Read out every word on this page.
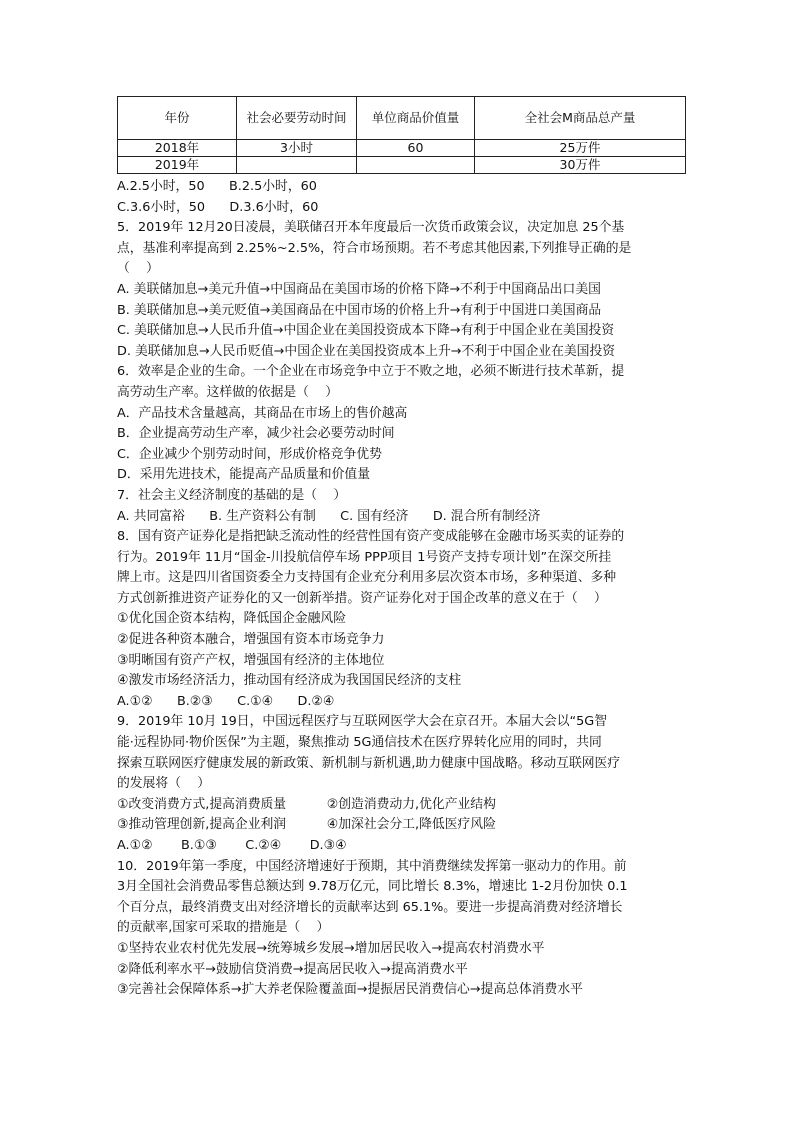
年份	社会必要劳动时间	单位商品价值量	全社会M商品总产量
2018年	3小时	60	25万件
2019年			30万件
A.2.5小时，50      B.2.5小时，60
C.3.6小时，50      D.3.6小时，60
5．2019年 12月20日凌晨，美联储召开本年度最后一次货币政策会议，决定加息 25个基
点，基准利率提高到 2.25%~2.5%，符合市场预期。若不考虑其他因素,下列推导正确的是
（    ）
A. 美联储加息→美元升值→中国商品在美国市场的价格下降→不利于中国商品出口美国
B. 美联储加息→美元贬值→美国商品在中国市场的价格上升→有利于中国进口美国商品
C. 美联储加息→人民币升值→中国企业在美国投资成本下降→有利于中国企业在美国投资
D. 美联储加息→人民币贬值→中国企业在美国投资成本上升→不利于中国企业在美国投资
6．效率是企业的生命。一个企业在市场竞争中立于不败之地，必须不断进行技术革新，提
高劳动生产率。这样做的依据是（    ）
A．产品技术含量越高，其商品在市场上的售价越高
B．企业提高劳动生产率，减少社会必要劳动时间
C．企业减少个别劳动时间，形成价格竞争优势
D．采用先进技术，能提高产品质量和价值量
7．社会主义经济制度的基础的是（    ）
A. 共同富裕      B. 生产资料公有制      C. 国有经济      D. 混合所有制经济
8．国有资产证券化是指把缺乏流动性的经营性国有资产变成能够在金融市场买卖的证券的
行为。2019年 11月“国金-川投航信停车场 PPP项目 1号资产支持专项计划”在深交所挂
牌上市。这是四川省国资委全力支持国有企业充分利用多层次资本市场，多种渠道、多种
方式创新推进资产证券化的又一创新举措。资产证券化对于国企改革的意义在于（    ）
①优化国企资本结构，降低国企金融风险
②促进各种资本融合，增强国有资本市场竞争力
③明晰国有资产产权，增强国有经济的主体地位
④激发市场经济活力，推动国有经济成为我国国民经济的支柱
A.①②      B.②③      C.①④      D.②④
9．2019年 10月 19日，中国远程医疗与互联网医学大会在京召开。本届大会以“5G智
能·远程协同·物价医保”为主题，聚焦推动 5G通信技术在医疗界转化应用的同时，共同
探索互联网医疗健康发展的新政策、新机制与新机遇,助力健康中国战略。移动互联网医疗
的发展将（    ）
①改变消费方式,提高消费质量          ②创造消费动力,优化产业结构
③推动管理创新,提高企业利润          ④加深社会分工,降低医疗风险
A.①②       B.①③       C.②④       D.③④
10．2019年第一季度，中国经济增速好于预期，其中消费继续发挥第一驱动力的作用。前
3月全国社会消费品零售总额达到 9.78万亿元，同比增长 8.3%，增速比 1-2月份加快 0.1
个百分点，最终消费支出对经济增长的贡献率达到 65.1%。要进一步提高消费对经济增长
的贡献率,国家可采取的措施是（    ）
①坚持农业农村优先发展→统筹城乡发展→增加居民收入→提高农村消费水平
②降低利率水平→鼓励信贷消费→提高居民收入→提高消费水平
③完善社会保障体系→扩大养老保险覆盖面→提振居民消费信心→提高总体消费水平
